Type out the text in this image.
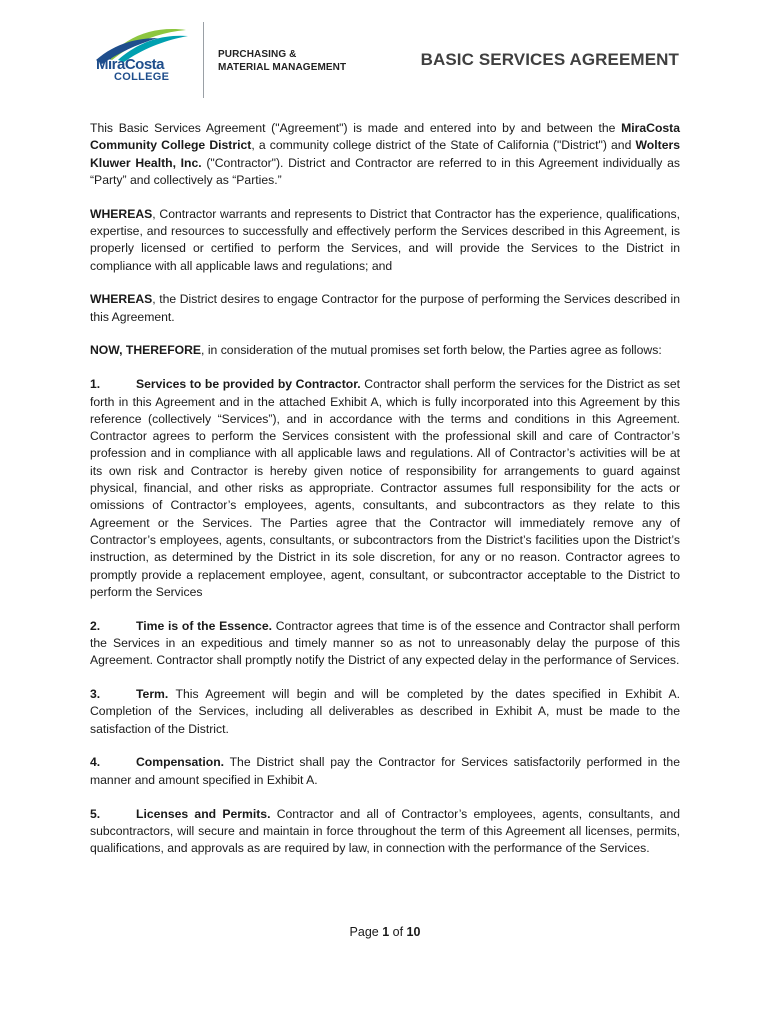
MiraCosta
COLLEGE
PURCHASING &
MATERIAL MANAGEMENT	BASIC SERVICES AGREEMENT

This Basic Services Agreement ("Agreement") is made and entered into by and between the MiraCosta Community College District, a community college district of the State of California ("District") and Wolters Kluwer Health, Inc. ("Contractor"). District and Contractor are referred to in this Agreement individually as “Party” and collectively as “Parties.”

WHEREAS, Contractor warrants and represents to District that Contractor has the experience, qualifications, expertise, and resources to successfully and effectively perform the Services described in this Agreement, is properly licensed or certified to perform the Services, and will provide the Services to the District in compliance with all applicable laws and regulations; and

WHEREAS, the District desires to engage Contractor for the purpose of performing the Services described in this Agreement.

NOW, THEREFORE, in consideration of the mutual promises set forth below, the Parties agree as follows:

1.	Services to be provided by Contractor. Contractor shall perform the services for the District as set forth in this Agreement and in the attached Exhibit A, which is fully incorporated into this Agreement by this reference (collectively “Services”), and in accordance with the terms and conditions in this Agreement. Contractor agrees to perform the Services consistent with the professional skill and care of Contractor’s profession and in compliance with all applicable laws and regulations. All of Contractor’s activities will be at its own risk and Contractor is hereby given notice of responsibility for arrangements to guard against physical, financial, and other risks as appropriate. Contractor assumes full responsibility for the acts or omissions of Contractor’s employees, agents, consultants, and subcontractors as they relate to this Agreement or the Services. The Parties agree that the Contractor will immediately remove any of Contractor’s employees, agents, consultants, or subcontractors from the District’s facilities upon the District’s instruction, as determined by the District in its sole discretion, for any or no reason. Contractor agrees to promptly provide a replacement employee, agent, consultant, or subcontractor acceptable to the District to perform the Services

2.	Time is of the Essence. Contractor agrees that time is of the essence and Contractor shall perform the Services in an expeditious and timely manner so as not to unreasonably delay the purpose of this Agreement. Contractor shall promptly notify the District of any expected delay in the performance of Services.

3.	Term. This Agreement will begin and will be completed by the dates specified in Exhibit A. Completion of the Services, including all deliverables as described in Exhibit A, must be made to the satisfaction of the District.

4.	Compensation. The District shall pay the Contractor for Services satisfactorily performed in the manner and amount specified in Exhibit A.

5.	Licenses and Permits. Contractor and all of Contractor’s employees, agents, consultants, and subcontractors, will secure and maintain in force throughout the term of this Agreement all licenses, permits, qualifications, and approvals as are required by law, in connection with the performance of the Services.

Page 1 of 10
